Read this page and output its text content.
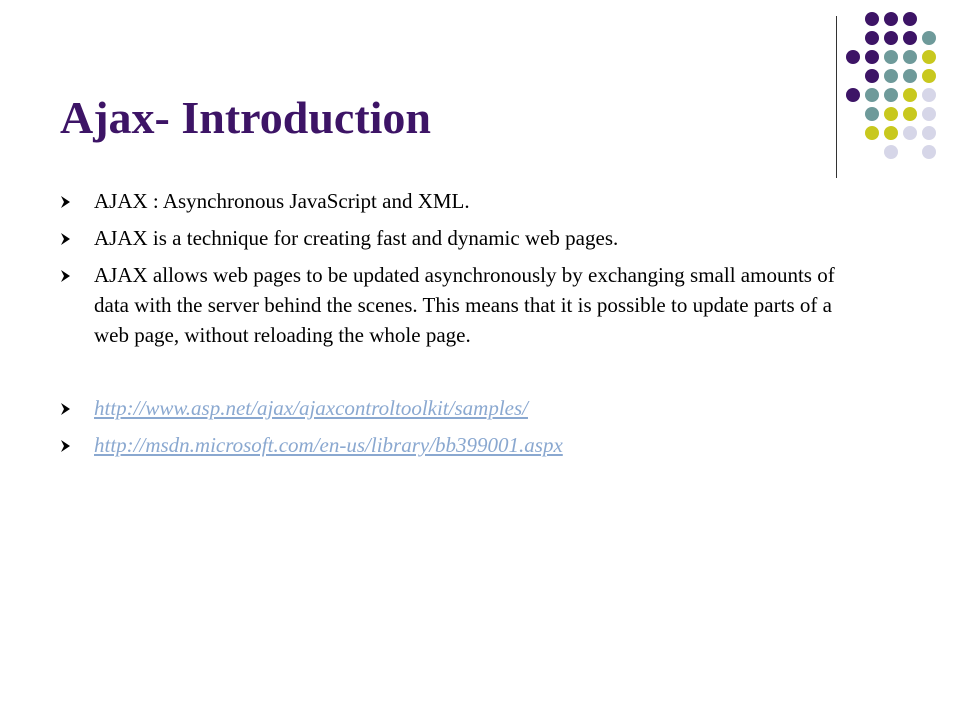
Ajax- Introduction
AJAX : Asynchronous JavaScript and XML.
AJAX is a technique for creating fast and dynamic web pages.
AJAX allows web pages to be updated asynchronously by exchanging small amounts of data with the server behind the scenes. This means that it is possible to update parts of a web page, without reloading the whole page.
http://www.asp.net/ajax/ajaxcontroltoolkit/samples/
http://msdn.microsoft.com/en-us/library/bb399001.aspx
